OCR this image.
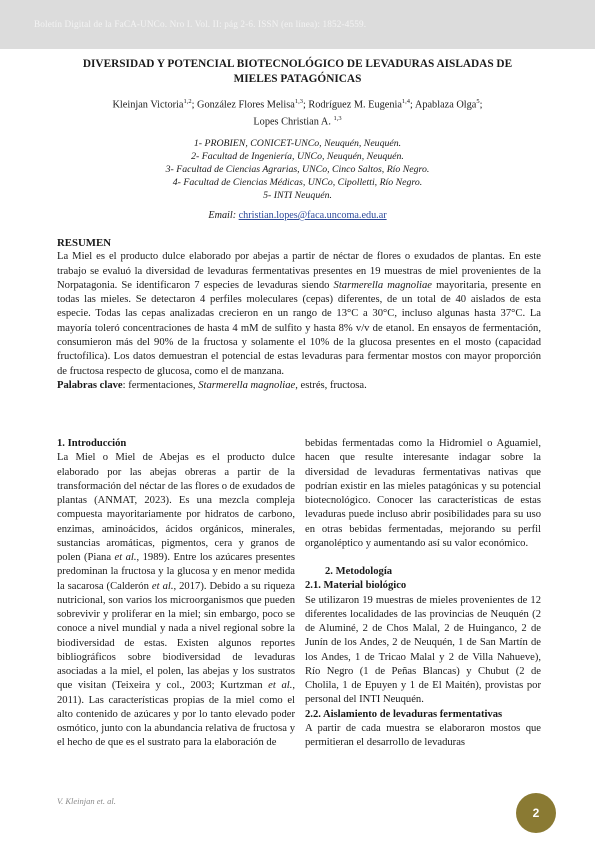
Boletín Digital de la FaCA-UNCo. Nro I. Vol. II: pág 2-6. ISSN (en línea): 1852-4559.
DIVERSIDAD Y POTENCIAL BIOTECNOLÓGICO DE LEVADURAS AISLADAS DE
MIELES PATAGÓNICAS
Kleinjan Victoria$^{1,2}$; González Flores Melisa$^{1,3}$; Rodríguez M. Eugenia$^{1,4}$; Apablaza Olga$^5$;
Lopes Christian A. $^{1,3}$
1- PROBIEN, CONICET-UNCo, Neuquén, Neuquén.
2- Facultad de Ingeniería, UNCo, Neuquén, Neuquén.
3- Facultad de Ciencias Agrarias, UNCo, Cinco Saltos, Río Negro.
4- Facultad de Ciencias Médicas, UNCo, Cipolletti, Río Negro.
5- INTI Neuquén.
Email: christian.lopes@faca.uncoma.edu.ar
RESUMEN

La Miel es el producto dulce elaborado por abejas a partir de néctar de flores o exudados de plantas. En este trabajo se evaluó la diversidad de levaduras fermentativas presentes en 19 muestras de miel provenientes de la Norpatagonia. Se identificaron 7 especies de levaduras siendo Starmerella magnoliae mayoritaria, presente en todas las mieles. Se detectaron 4 perfiles moleculares (cepas) diferentes, de un total de 40 aislados de esta especie. Todas las cepas analizadas crecieron en un rango de 13°C a 30°C, incluso algunas hasta 37°C. La mayoría toleró concentraciones de hasta 4 mM de sulfito y hasta 8% v/v de etanol. En ensayos de fermentación, consumieron más del 90% de la fructosa y solamente el 10% de la glucosa presentes en el mosto (capacidad fructofílica). Los datos demuestran el potencial de estas levaduras para fermentar mostos con mayor proporción de fructosa respecto de glucosa, como el de manzana.

Palabras clave: fermentaciones, Starmerella magnoliae, estrés, fructosa.

1. Introducción

La Miel o Miel de Abejas es el producto dulce elaborado por las abejas obreras a partir de la transformación del néctar de las flores o de exudados de plantas (ANMAT, 2023). Es una mezcla compleja compuesta mayoritariamente por hidratos de carbono, enzimas, aminoácidos, ácidos orgánicos, minerales, sustancias aromáticas, pigmentos, cera y granos de polen (Piana et al., 1989). Entre los azúcares presentes predominan la fructosa y la glucosa y en menor medida la sacarosa (Calderón et al., 2017). Debido a su riqueza nutricional, son varios los microorganismos que pueden sobrevivir y proliferar en la miel; sin embargo, poco se conoce a nivel mundial y nada a nivel regional sobre la biodiversidad de estas. Existen algunos reportes bibliográficos sobre biodiversidad de levaduras asociadas a la miel, el polen, las abejas y los sustratos que visitan (Teixeira y col., 2003; Kurtzman et al., 2011). Las características propias de la miel como el alto contenido de azúcares y por lo tanto elevado poder osmótico, junto con la abundancia relativa de fructosa y el hecho de que es el sustrato para la elaboración de

bebidas fermentadas como la Hidromiel o Aguamiel, hacen que resulte interesante indagar sobre la diversidad de levaduras fermentativas nativas que podrían existir en las mieles patagónicas y su potencial biotecnológico. Conocer las características de estas levaduras puede incluso abrir posibilidades para su uso en otras bebidas fermentadas, mejorando su perfil organoléptico y aumentando así su valor económico.

2. Metodología

2.1. Material biológico

Se utilizaron 19 muestras de mieles provenientes de 12 diferentes localidades de las provincias de Neuquén (2 de Aluminé, 2 de Chos Malal, 2 de Huinganco, 2 de Junín de los Andes, 2 de Neuquén, 1 de San Martín de los Andes, 1 de Tricao Malal y 2 de Villa Nahueve), Río Negro (1 de Peñas Blancas) y Chubut (2 de Cholila, 1 de Epuyen y 1 de El Maitén), provistas por personal del INTI Neuquén.

2.2. Aislamiento de levaduras fermentativas

A partir de cada muestra se elaboraron mostos que permitieran el desarrollo de levaduras

V. Kleinjan et. al.
2
